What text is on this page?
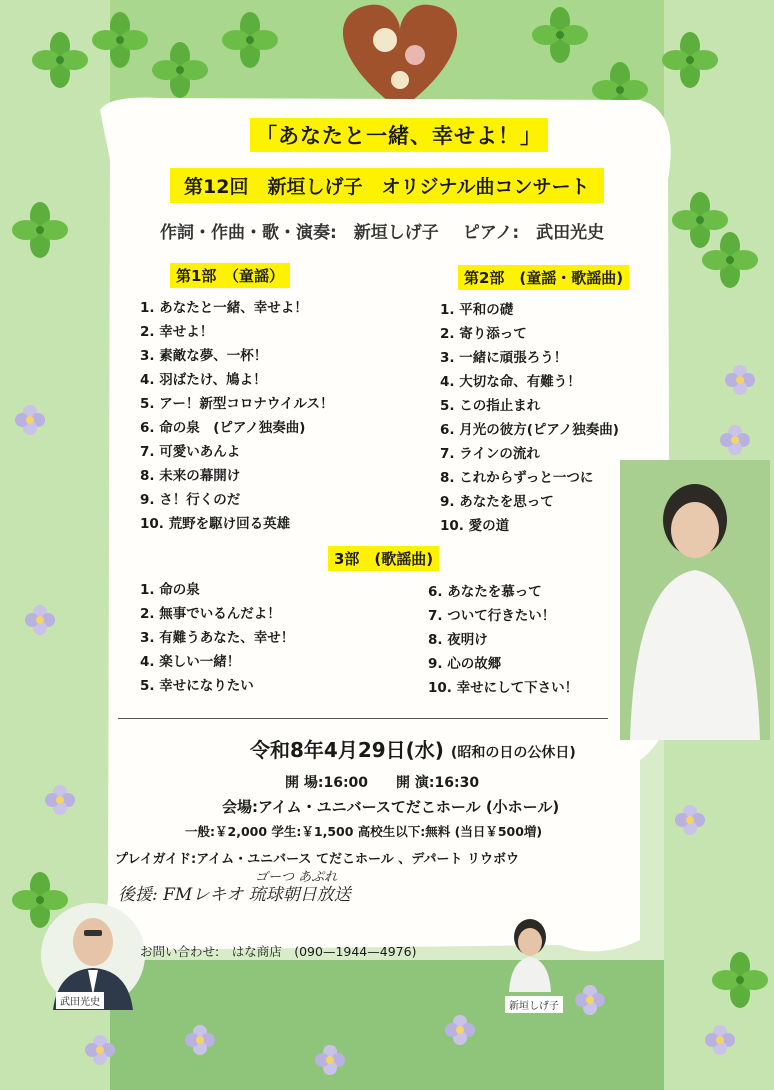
武田光史	新垣しげ子
「あなたと一緒、幸せよ！」
第12回　新垣しげ子　オリジナル曲コンサート
作詞・作曲・歌・演奏:　新垣しげ子 ピアノ:　武田光史
第1部　（童謡）
1. あなたと一緒、幸せよ！
2. 幸せよ！
3. 素敵な夢、一杯！
4. 羽ばたけ、鳩よ！
5. アー！新型コロナウイルス！
6. 命の泉　(ピアノ独奏曲)
7. 可愛いあんよ
8. 未来の幕開け
9. さ！行くのだ
10. 荒野を駆け回る英雄
第2部　(童謡・歌謡曲)
1. 平和の礎
2. 寄り添って
3. 一緒に頑張ろう！
4. 大切な命、有難う！
5. この指止まれ
6. 月光の彼方(ピアノ独奏曲)
7. ラインの流れ
8. これからずっと一つに
9. あなたを思って
10. 愛の道
3部　(歌謡曲)
1. 命の泉
2. 無事でいるんだよ！
3. 有難うあなた、幸せ！
4. 楽しい一緒！
5. 幸せになりたい
6. あなたを慕って
7. ついて行きたい！
8. 夜明け
9. 心の故郷
10. 幸せにして下さい！
令和8年4月29日(水) (昭和の日の公休日)
開 場:16:00　　開 演:16:30
会場:アイム・ユニバースてだこホール (小ホール)
一般:￥2,000 学生:￥1,500 高校生以下:無料 (当日￥500増)
プレイガイド:アイム・ユニバース てだこホール 、デパート リウボウ
ゴーつ あぷれ
後援: FMレキオ 琉球朝日放送
お問い合わせ:　はな商店　(090—1944—4976)
